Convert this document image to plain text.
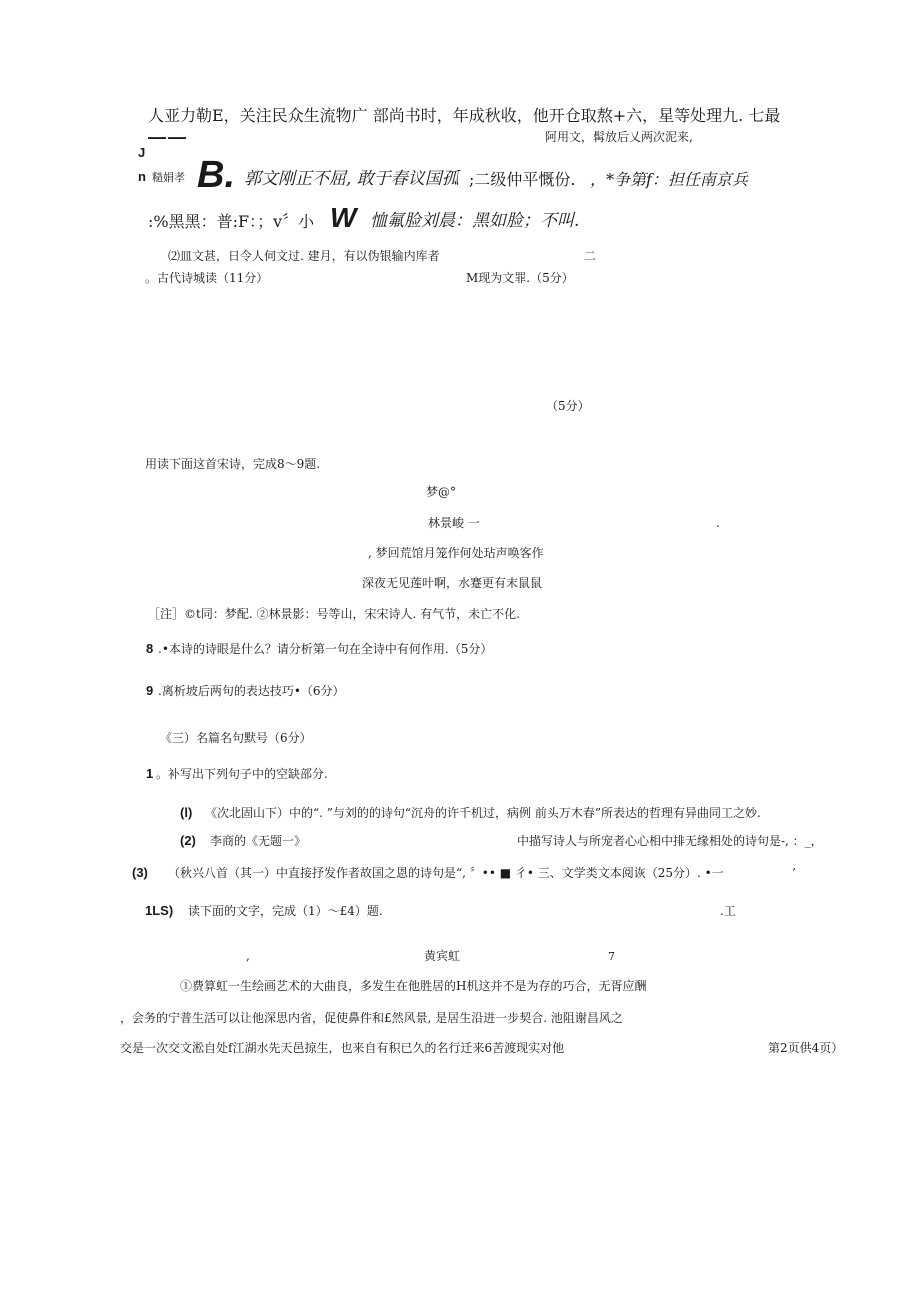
人亚力勒E，关注民众生流物广 部尚书时，年成秋收，他开仓取熬+六，星等处理九. 七最
——	阿用文，髯放后乂两次泥来,
J
n 糙娟孝 B. 郭文刚正不屈, 敢于春议国孤 ;二级仲平慨份. ，*争第f：担任南京兵
:%黑黑：普:F：；v〞小 W 恤氟脸刘晨：黑如脸；不叫.
⑵皿文甚，日令人伺文过. 建月，有以伪银输内库者	二
。古代诗城读（11分）	M现为文罪.（5分）
（5分）
用读下面这首宋诗，完成8〜9题.
梦@°
林景峻 一	.
, 梦回荒馆月笼作何处玷声唤客作
深夜无见莲叶啊，水蹇更有末鼠鼠
［注］©t同：梦配. ②林景影：号等山，宋宋诗人. 有气节，未亡不化.
8 .•本诗的诗眼是什么？请分析第一句在全诗中有何作用.（5分）
9 .离析坡后两句的表达技巧•（6分）
《三）名篇名句默号（6分）
1 。补写出下列句子中的空缺部分.
(l) 《次北固山下）中的“. ”与刘的的诗句“沉舟的许千机过，病例 前头万木春”所表达的哲理有异曲同工之妙.
(2) 李商的《无题一》	中描写诗人与所宠者心心相中排无缘相处的诗句是-, ：_，
(3) （秋兴八首（其一）中直接抒发作者故国之恩的诗句是“, 〞•• ■ 彳• 三、文学类文本阅诙（25分）. •一	’
1LS) 读下面的文字，完成（1）〜£4）题.	.工
,	黄宾虹	7
①费算虹一生绘画艺术的大曲良，多发生在他胜居的H机这并不是为存的巧合，无胥应酬
，会务的宁普生活可以让他深思内省，促使鼻件和£然风景, 是居生沿进一步契合. 池阻谢昌风之
交是一次交文淞自处f江湖水先天邑掠生，也来自有积已久的名行迁来6苦渡现实对他	第2页供4页）
